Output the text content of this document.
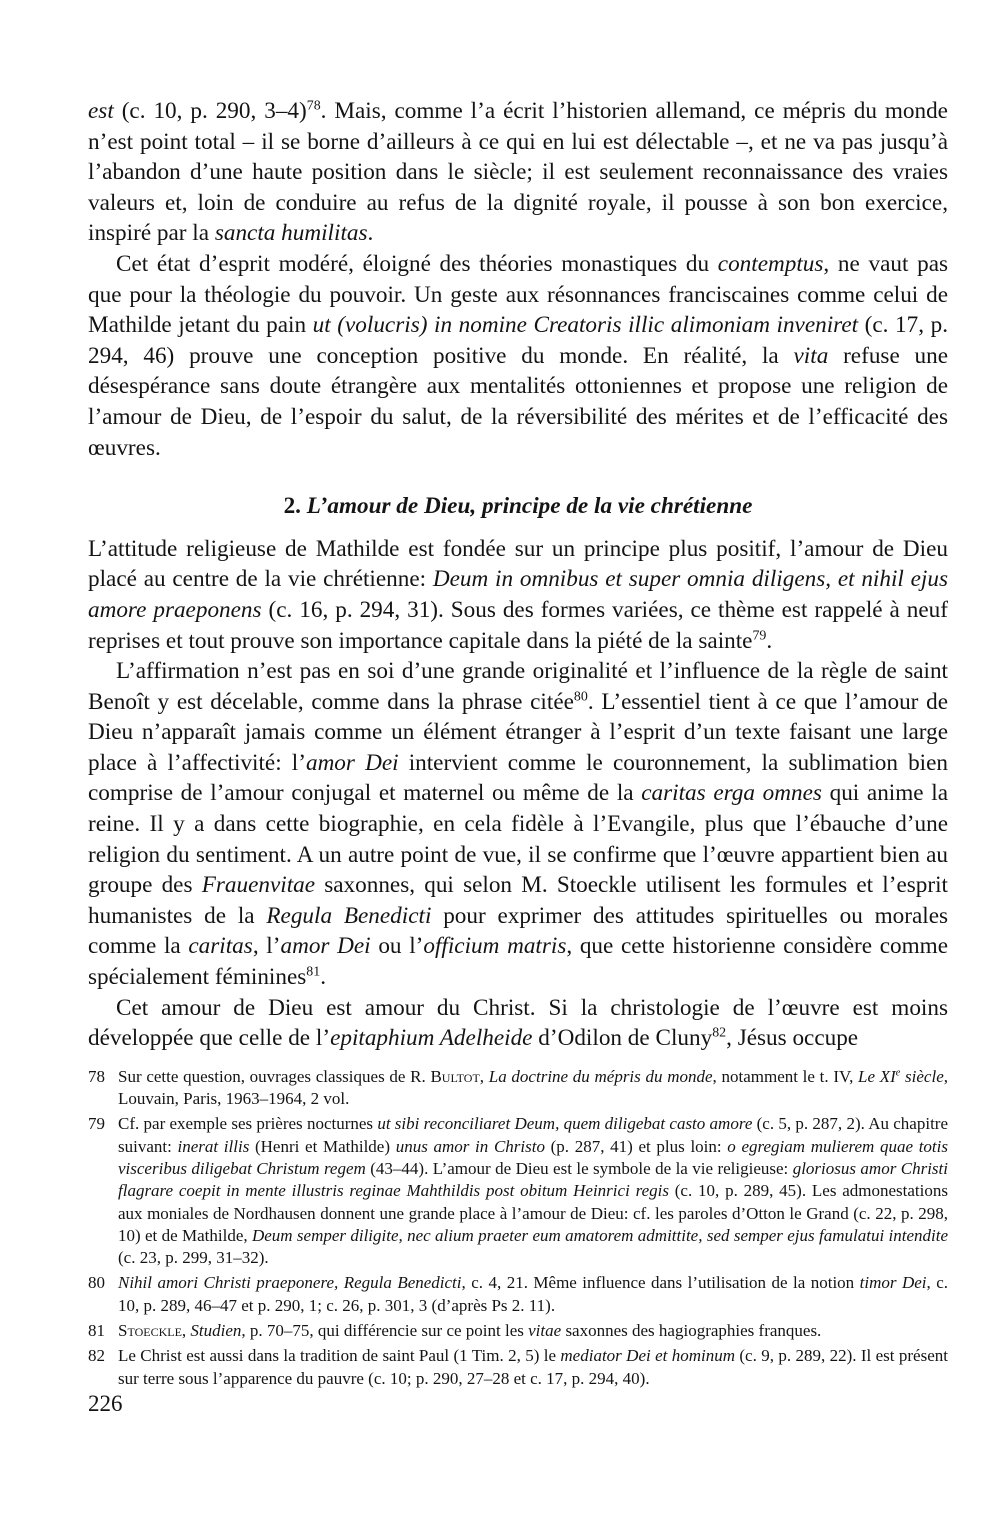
est (c. 10, p. 290, 3–4)$^{78}$. Mais, comme l’a écrit l’historien allemand, ce mépris du monde n’est point total – il se borne d’ailleurs à ce qui en lui est délectable –, et ne va pas jusqu’à l’abandon d’une haute position dans le siècle; il est seulement reconnaissance des vraies valeurs et, loin de conduire au refus de la dignité royale, il pousse à son bon exercice, inspiré par la sancta humilitas.

Cet état d’esprit modéré, éloigné des théories monastiques du contemptus, ne vaut pas que pour la théologie du pouvoir. Un geste aux résonnances franciscaines comme celui de Mathilde jetant du pain ut (volucris) in nomine Creatoris illic alimoniam inveniret (c. 17, p. 294, 46) prouve une conception positive du monde. En réalité, la vita refuse une désespérance sans doute étrangère aux mentalités ottoniennes et propose une religion de l’amour de Dieu, de l’espoir du salut, de la réversibilité des mérites et de l’efficacité des œuvres.

2. L’amour de Dieu, principe de la vie chrétienne

L’attitude religieuse de Mathilde est fondée sur un principe plus positif, l’amour de Dieu placé au centre de la vie chrétienne: Deum in omnibus et super omnia diligens, et nihil ejus amore praeponens (c. 16, p. 294, 31). Sous des formes variées, ce thème est rappelé à neuf reprises et tout prouve son importance capitale dans la piété de la sainte$^{79}$.

L’affirmation n’est pas en soi d’une grande originalité et l’influence de la règle de saint Benoît y est décelable, comme dans la phrase citée$^{80}$. L’essentiel tient à ce que l’amour de Dieu n’apparaît jamais comme un élément étranger à l’esprit d’un texte faisant une large place à l’affectivité: l’amor Dei intervient comme le couronnement, la sublimation bien comprise de l’amour conjugal et maternel ou même de la caritas erga omnes qui anime la reine. Il y a dans cette biographie, en cela fidèle à l’Evangile, plus que l’ébauche d’une religion du sentiment. A un autre point de vue, il se confirme que l’œuvre appartient bien au groupe des Frauenvitae saxonnes, qui selon M. Stoeckle utilisent les formules et l’esprit humanistes de la Regula Benedicti pour exprimer des attitudes spirituelles ou morales comme la caritas, l’amor Dei ou l’officium matris, que cette historienne considère comme spécialement féminines$^{81}$.

Cet amour de Dieu est amour du Christ. Si la christologie de l’œuvre est moins développée que celle de l’epitaphium Adelheide d’Odilon de Cluny$^{82}$, Jésus occupe

78 Sur cette question, ouvrages classiques de R. Bultot, La doctrine du mépris du monde, notamment le t. IV, Le XIe siècle, Louvain, Paris, 1963–1964, 2 vol.
79 Cf. par exemple ses prières nocturnes ut sibi reconciliaret Deum, quem diligebat casto amore (c. 5, p. 287, 2). Au chapitre suivant: inerat illis (Henri et Mathilde) unus amor in Christo (p. 287, 41) et plus loin: o egregiam mulierem quae totis visceribus diligebat Christum regem (43–44). L’amour de Dieu est le symbole de la vie religieuse: gloriosus amor Christi flagrare coepit in mente illustris reginae Mahthildis post obitum Heinrici regis (c. 10, p. 289, 45). Les admonestations aux moniales de Nordhausen donnent une grande place à l’amour de Dieu: cf. les paroles d’Otton le Grand (c. 22, p. 298, 10) et de Mathilde, Deum semper diligite, nec alium praeter eum amatorem admittite, sed semper ejus famulatui intendite (c. 23, p. 299, 31–32).
80 Nihil amori Christi praeponere, Regula Benedicti, c. 4, 21. Même influence dans l’utilisation de la notion timor Dei, c. 10, p. 289, 46–47 et p. 290, 1; c. 26, p. 301, 3 (d’après Ps 2. 11).
81 Stoeckle, Studien, p. 70–75, qui différencie sur ce point les vitae saxonnes des hagiographies franques.
82 Le Christ est aussi dans la tradition de saint Paul (1 Tim. 2, 5) le mediator Dei et hominum (c. 9, p. 289, 22). Il est présent sur terre sous l’apparence du pauvre (c. 10; p. 290, 27–28 et c. 17, p. 294, 40).
226
